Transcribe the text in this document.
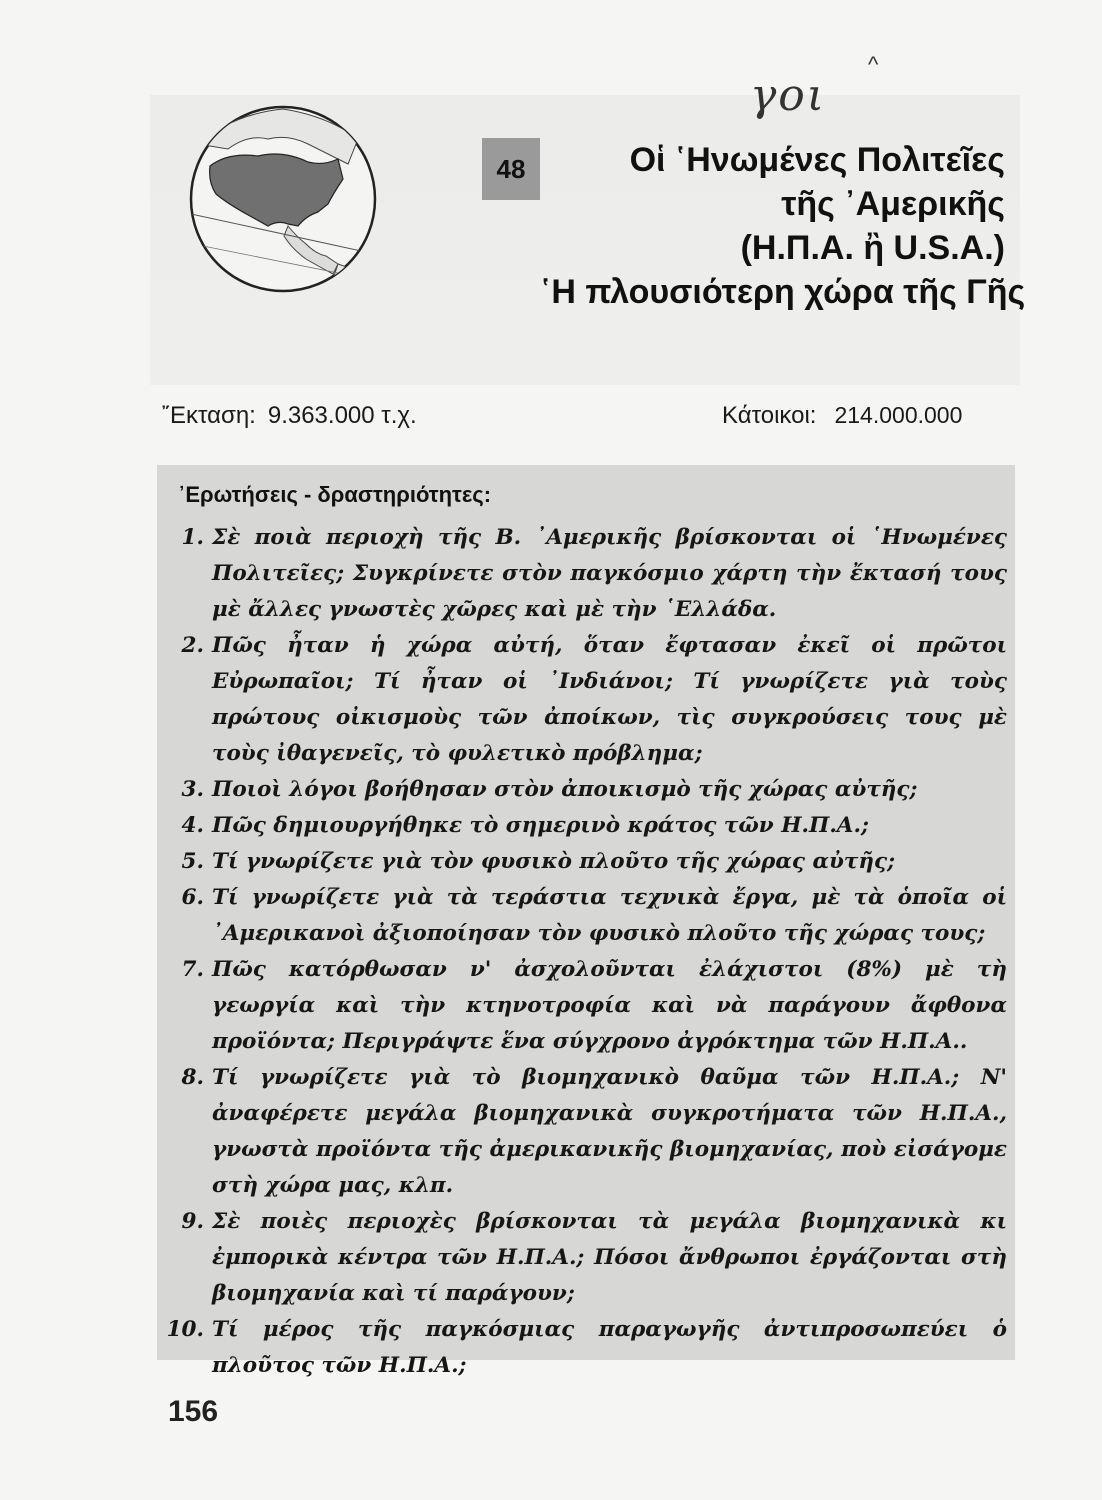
^
γοι
48	Οἱ ῾Ηνωμένες Πολιτεῖες
τῆς ᾿Αμερικῆς
(Η.Π.Α. ἢ U.S.A.)
῾Η πλουσιότερη χώρα τῆς Γῆς
῎Εκταση: 9.363.000 τ.χ.	Κάτοικοι: 214.000.000
᾿Ερωτήσεις - δραστηριότητες:
1. Σὲ ποιὰ περιοχὴ τῆς Β. ᾿Αμερικῆς βρίσκονται οἱ ῾Ηνωμένες Πολιτεῖες; Συγκρίνετε στὸν παγκόσμιο χάρτη τὴν ἔκτασή τους μὲ ἄλλες γνωστὲς χῶρες καὶ μὲ τὴν ῾Ελλάδα.
2. Πῶς ἦταν ἡ χώρα αὐτή, ὅταν ἔφτασαν ἐκεῖ οἱ πρῶτοι Εὐρωπαῖοι; Τί ἦταν οἱ ᾿Ινδιάνοι; Τί γνωρίζετε γιὰ τοὺς πρώτους οἰκισμοὺς τῶν ἀποίκων, τὶς συγκρούσεις τους μὲ τοὺς ἰθαγενεῖς, τὸ φυλετικὸ πρόβλημα;
3. Ποιοὶ λόγοι βοήθησαν στὸν ἀποικισμὸ τῆς χώρας αὐτῆς;
4. Πῶς δημιουργήθηκε τὸ σημερινὸ κράτος τῶν Η.Π.Α.;
5. Τί γνωρίζετε γιὰ τὸν φυσικὸ πλοῦτο τῆς χώρας αὐτῆς;
6. Τί γνωρίζετε γιὰ τὰ τεράστια τεχνικὰ ἔργα, μὲ τὰ ὁποῖα οἱ ᾿Αμερικανοὶ ἀξιοποίησαν τὸν φυσικὸ πλοῦτο τῆς χώρας τους;
7. Πῶς κατόρθωσαν ν' ἀσχολοῦνται ἐλάχιστοι (8%) μὲ τὴ γεωργία καὶ τὴν κτηνοτροφία καὶ νὰ παράγουν ἄφθονα προϊόντα; Περιγράψτε ἕνα σύγχρονο ἀγρόκτημα τῶν Η.Π.Α..
8. Τί γνωρίζετε γιὰ τὸ βιομηχανικὸ θαῦμα τῶν Η.Π.Α.; Ν' ἀναφέρετε μεγάλα βιομηχανικὰ συγκροτήματα τῶν Η.Π.Α., γνωστὰ προϊόντα τῆς ἀμερικανικῆς βιομηχανίας, ποὺ εἰσάγομε στὴ χώρα μας, κλπ.
9. Σὲ ποιὲς περιοχὲς βρίσκονται τὰ μεγάλα βιομηχανικὰ κι ἐμπορικὰ κέντρα τῶν Η.Π.Α.; Πόσοι ἄνθρωποι ἐργάζονται στὴ βιομηχανία καὶ τί παράγουν;
10. Τί μέρος τῆς παγκόσμιας παραγωγῆς ἀντιπροσωπεύει ὁ πλοῦτος τῶν Η.Π.Α.;
156
